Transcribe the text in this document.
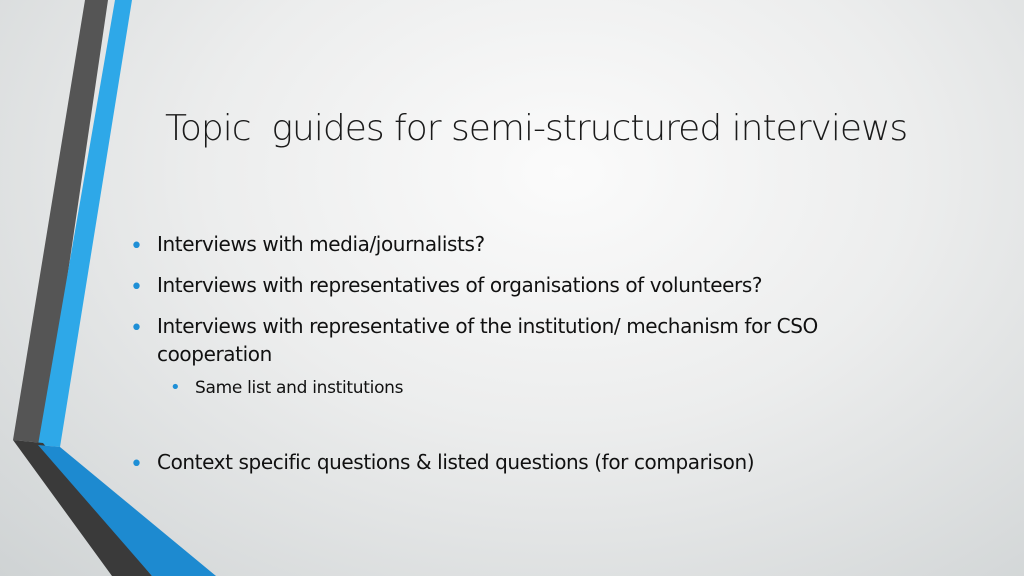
Topic  guides for semi-structured interviews
• Interviews with media/journalists?
• Interviews with representatives of organisations of volunteers?
• Interviews with representative of the institution/ mechanism for CSO cooperation
• Same list and institutions
• Context specific questions & listed questions (for comparison)
